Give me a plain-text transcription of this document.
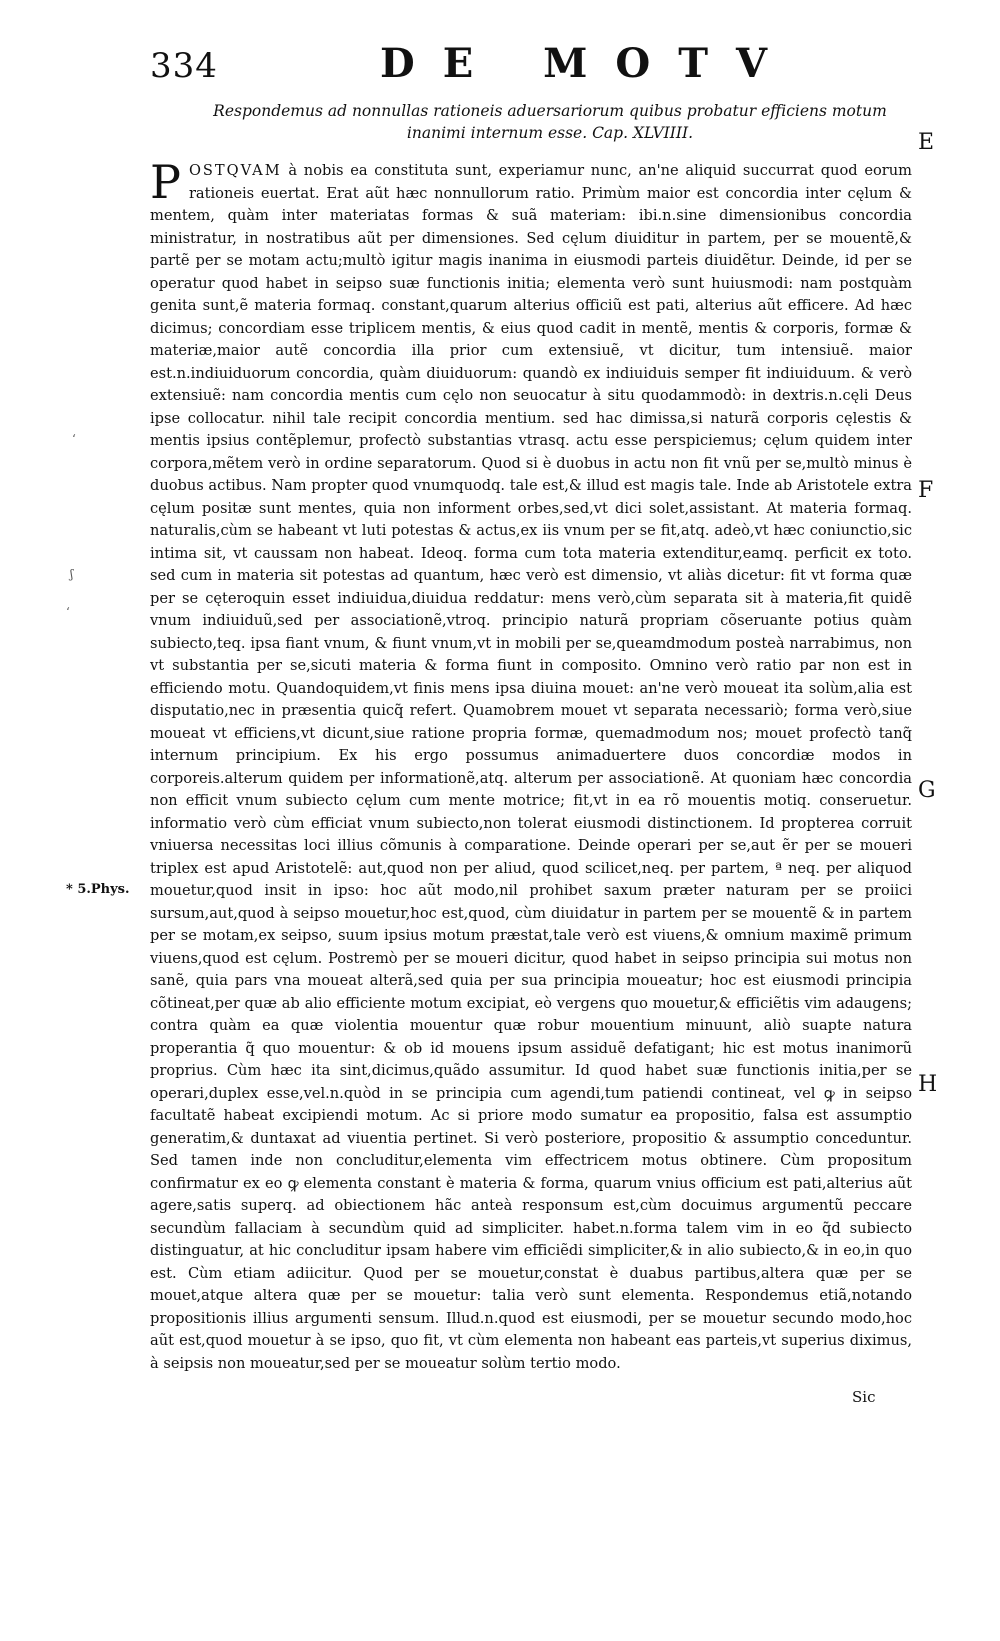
334	DE MOTV
Respondemus ad nonnullas rationeis aduersariorum quibus probatur efficiens motum inanimi internum esse. Cap. XLVIIII.

POSTQVAM à nobis ea constituta sunt, experiamur nunc, an'ne aliquid succurrat quod eorum rationeis euertat. Erat aũt hæc nonnullorum ratio. Primùm maior est concordia inter cęlum & mentem, quàm inter materiatas formas & suã materiam: ibi.n.sine dimensionibus concordia ministratur, in nostratibus aũt per dimensiones. Sed cęlum diuiditur in partem, per se mouentẽ,& partẽ per se motam actu;multò igitur magis inanima in eiusmodi parteis diuidẽtur. Deinde, id per se operatur quod habet in seipso suæ functionis initia; elementa verò sunt huiusmodi: nam postquàm genita sunt,ẽ materia formaq. constant,quarum alterius officiũ est pati, alterius aũt efficere. Ad hæc dicimus; concordiam esse triplicem mentis, & eius quod cadit in mentẽ, mentis & corporis, formæ & materiæ,maior autẽ concordia illa prior cum extensiuẽ, vt dicitur, tum intensiuẽ. maior est.n.indiuiduorum concordia, quàm diuiduorum: quandò ex indiuiduis semper fit indiuiduum. & verò extensiuẽ: nam concordia mentis cum cęlo non seuocatur à situ quodammodò: in dextris.n.cęli Deus ipse collocatur. nihil tale recipit concordia mentium. sed hac dimissa,si naturã corporis cęlestis & mentis ipsius contẽplemur, profectò substantias vtrasq. actu esse perspiciemus; cęlum quidem inter corpora,mẽtem verò in ordine separatorum. Quod si è duobus in actu non fit vnũ per se,multò minus è duobus actibus. Nam propter quod vnumquodq. tale est,& illud est magis tale. Inde ab Aristotele extra cęlum positæ sunt mentes, quia non informent orbes,sed,vt dici solet,assistant. At materia formaq. naturalis,cùm se habeant vt luti potestas & actus,ex iis vnum per se fit,atq. adeò,vt hæc coniunctio,sic intima sit, vt caussam non habeat. Ideoq. forma cum tota materia extenditur,eamq. perficit ex toto. sed cum in materia sit potestas ad quantum, hæc verò est dimensio, vt aliàs dicetur: fit vt forma quæ per se cęteroquin esset indiuidua,diuidua reddatur: mens verò,cùm separata sit à materia,fit quidẽ vnum indiuiduũ,sed per associationẽ,vtroq. principio naturã propriam cõseruante potius quàm subiecto,teq. ipsa fiant vnum, & fiunt vnum,vt in mobili per se,queamdmodum posteà narrabimus, non vt substantia per se,sicuti materia & forma fiunt in composito. Omnino verò ratio par non est in efficiendo motu. Quandoquidem,vt finis mens ipsa diuina mouet: an'ne verò moueat ita solùm,alia est disputatio,nec in præsentia quicq̃ refert. Quamobrem mouet vt separata necessariò; forma verò,siue moueat vt efficiens,vt dicunt,siue ratione propria formæ, quemadmodum nos; mouet profectò tanq̃ internum principium. Ex his ergo possumus animaduertere duos concordiæ modos in corporeis.alterum quidem per informationẽ,atq. alterum per associationẽ. At quoniam hæc concordia non efficit vnum subiecto cęlum cum mente motrice; fit,vt in ea rõ mouentis motiq. conseruetur. informatio verò cùm efficiat vnum subiecto,non tolerat eiusmodi distinctionem. Id propterea corruit vniuersa necessitas loci illius cõmunis à comparatione. Deinde operari per se,aut ẽr per se moueri triplex est apud Aristotelẽ: aut,quod non per aliud, quod scilicet,neq. per partem, ª neq. per aliquod mouetur,quod insit in ipso: hoc aũt modo,nil prohibet saxum præter naturam per se proiici sursum,aut,quod à seipso mouetur,hoc est,quod, cùm diuidatur in partem per se mouentẽ & in partem per se motam,ex seipso, suum ipsius motum præstat,tale verò est viuens,& omnium maximẽ primum viuens,quod est cęlum. Postremò per se moueri dicitur, quod habet in seipso principia sui motus non sanẽ, quia pars vna moueat alterã,sed quia per sua principia moueatur; hoc est eiusmodi principia cõtineat,per quæ ab alio efficiente motum excipiat, eò vergens quo mouetur,& efficiẽtis vim adaugens; contra quàm ea quæ violentia mouentur quæ robur mouentium minuunt, aliò suapte natura properantia q̃ quo mouentur: & ob id mouens ipsum assiduẽ defatigant; hic est motus inanimorũ proprius. Cùm hæc ita sint,dicimus,quãdo assumitur. Id quod habet suæ functionis initia,per se operari,duplex esse,vel.n.quòd in se principia cum agendi,tum patiendi contineat, vel ꝙ in seipso facultatẽ habeat excipiendi motum. Ac si priore modo sumatur ea propositio, falsa est assumptio generatim,& duntaxat ad viuentia pertinet. Si verò posteriore, propositio & assumptio conceduntur. Sed tamen inde non concluditur,elementa vim effectricem motus obtinere. Cùm propositum confirmatur ex eo ꝙ elementa constant è materia & forma, quarum vnius officium est pati,alterius aũt agere,satis superq. ad obiectionem hãc anteà responsum est,cùm docuimus argumentũ peccare secundùm fallaciam à secundùm quid ad simpliciter. habet.n.forma talem vim in eo q̃d subiecto distinguatur, at hic concluditur ipsam habere vim efficiẽdi simpliciter,& in alio subiecto,& in eo,in quo est. Cùm etiam adiicitur. Quod per se mouetur,constat è duabus partibus,altera quæ per se mouet,atque altera quæ per se mouetur: talia verò sunt elementa. Respondemus etiã,notando propositionis illius argumenti sensum. Illud.n.quod est eiusmodi, per se mouetur secundo modo,hoc aũt est,quod mouetur à se ipso, quo fit, vt cùm elementa non habeant eas parteis,vt superius diximus, à seipsis non moueatur,sed per se moueatur solùm tertio modo.

E
F
G
H
* 5.Phys.
ʻ
ʃ
ʻ
Sic
